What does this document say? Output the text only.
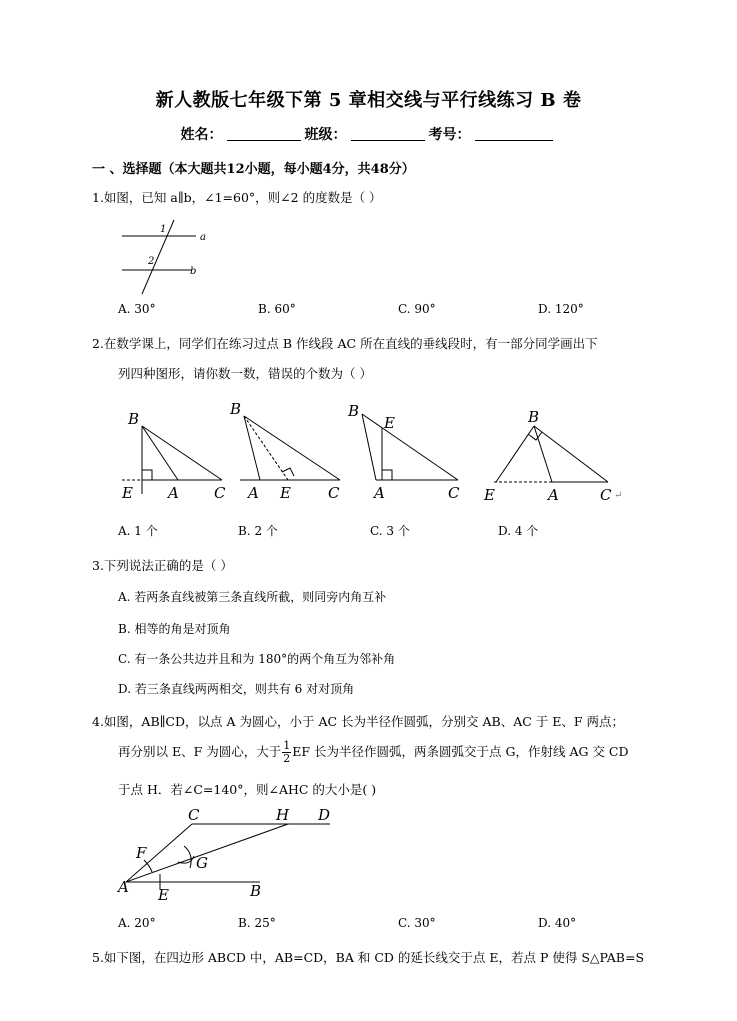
新人教版七年级下第 5 章相交线与平行线练习 B 卷
姓名：	班级：	考号：
一 、选择题（本大题共12小题，每小题4分，共48分）
1.如图，已知 a∥b，∠1=60°，则∠2 的度数是（ ）
a
b
1
2
A. 30°	B. 60°	C. 90°	D. 120°
2.在数学课上，同学们在练习过点 B 作线段 AC 所在直线的垂线段时，有一部分同学画出下
列四种图形，请你数一数，错误的个数为（ ）
B
E A C
B
A E C
B
E
A	C
B
E	A	C ↵
A. 1 个	B. 2 个	C. 3 个	D. 4 个
3.下列说法正确的是（ ）
A. 若两条直线被第三条直线所截，则同旁内角互补
B. 相等的角是对顶角
C. 有一条公共边并且和为 180°的两个角互为邻补角
D. 若三条直线两两相交，则共有 6 对对顶角
4.如图，AB∥CD，以点 A 为圆心，小于 AC 长为半径作圆弧，分别交 AB、AC 于 E、F 两点；
再分别以 E、F 为圆心，大于 $\frac{1}{2}$ EF 长为半径作圆弧，两条圆弧交于点 G，作射线 AG 交 CD
于点 H．若∠C=140°，则∠AHC 的大小是( )
A E	B
C	H D
F
G
A. 20°	B. 25°	C. 30°	D. 40°
5.如下图，在四边形 ABCD 中，AB=CD，BA 和 CD 的延长线交于点 E，若点 P 使得 S△PAB=S
